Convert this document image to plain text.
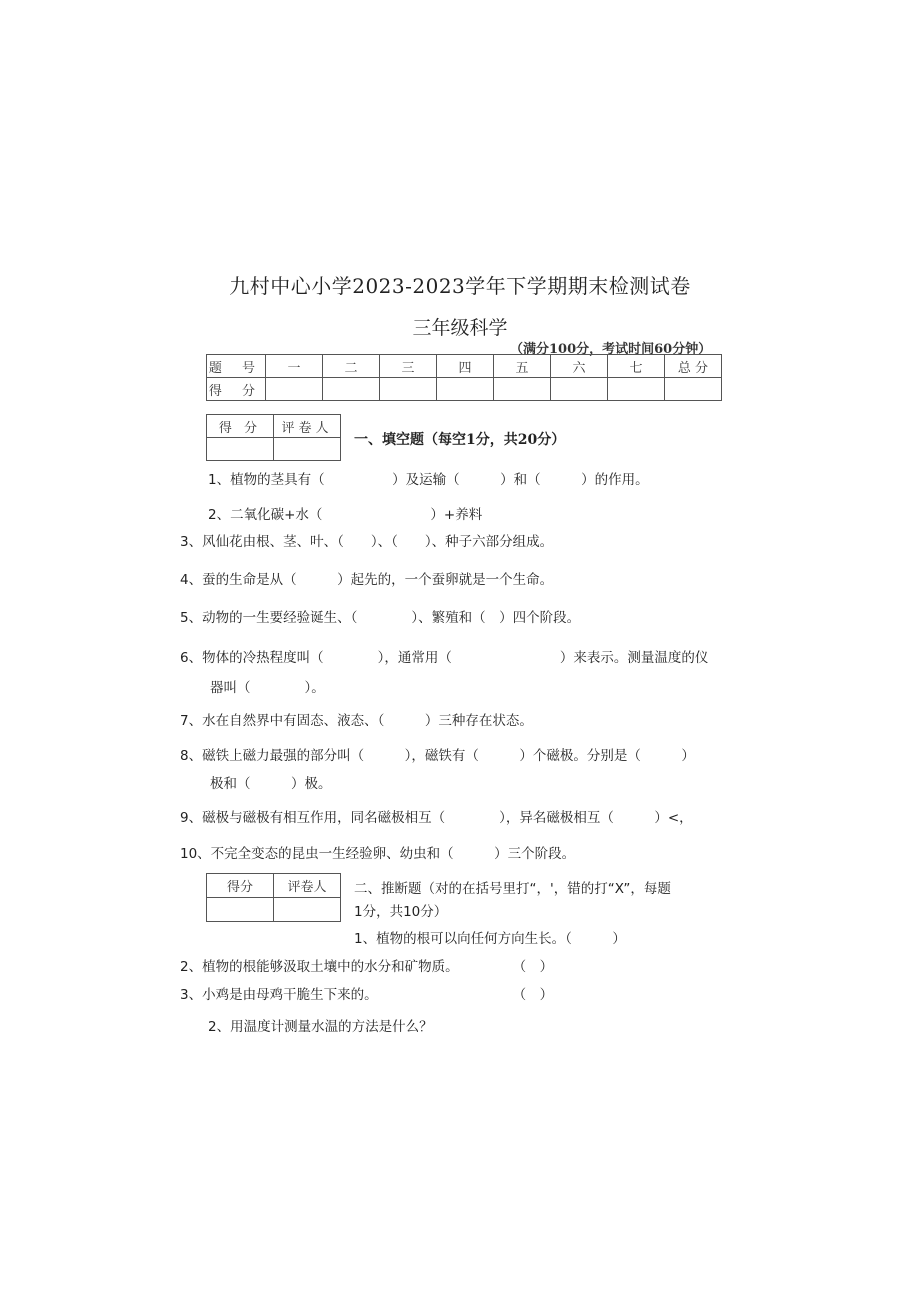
九村中心小学2023-2023学年下学期期末检测试卷
三年级科学
（满分100分，考试时间60分钟）
题 号	一	二	三	四	五	六	七	总 分
得 分								
得 分	评卷人

一、填空题（每空1分，共20分）
1、植物的茎具有（　　　　　）及运输（　　　）和（　　　）的作用。
2、二氧化碳+水（　　　　　　　　）+养料
3、风仙花由根、茎、叶、（　　）、（　　）、种子六部分组成。
4、蚕的生命是从（　　　）起先的，一个蚕卵就是一个生命。
5、动物的一生要经验诞生、（　　　　）、繁殖和（　）四个阶段。
6、物体的冷热程度叫（　　　　），通常用（　　　　　　　　）来表示。测量温度的仪
器叫（　　　　）。
7、水在自然界中有固态、液态、（　　　）三种存在状态。
8、磁铁上磁力最强的部分叫（　　　），磁铁有（　　　）个磁极。分别是（　　　）
极和（　　　）极。
9、磁极与磁极有相互作用，同名磁极相互（　　　　），异名磁极相互（　　　）<，
10、不完全变态的昆虫一生经验卵、幼虫和（　　　）三个阶段。
得分	评卷人
	二、推断题（对的在括号里打“，'，错的打“X”，每题
1分，共10分）
1、植物的根可以向任何方向生长。（　　　）
2、植物的根能够汲取土壤中的水分和矿物质。　　　　　（　）
3、小鸡是由母鸡干脆生下来的。　　　　　　　　　　　（　）
2、用温度计测量水温的方法是什么？
